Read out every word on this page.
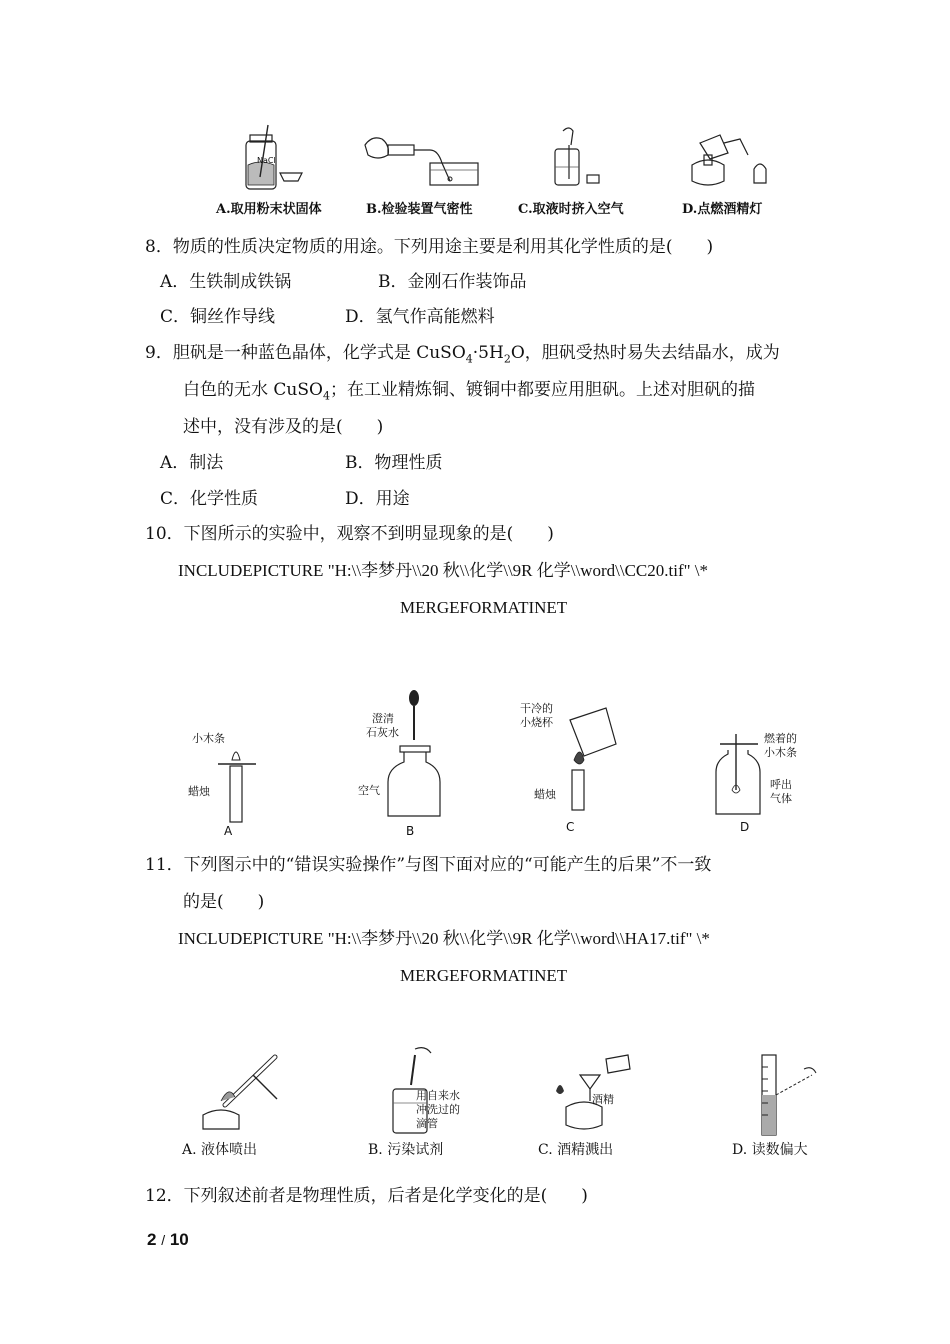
NaCl
A.取用粉末状固体	B.检验装置气密性	C.取液时挤入空气	D.点燃酒精灯
8．物质的性质决定物质的用途。下列用途主要是利用其化学性质的是(　　)
A．生铁制成铁锅	B．金刚石作装饰品
C．铜丝作导线	D．氢气作高能燃料
9．胆矾是一种蓝色晶体，化学式是 $CuSO_4\cdot 5H_2O$，胆矾受热时易失去结晶水，成为
白色的无水 CuSO$_4$；在工业精炼铜、镀铜中都要应用胆矾。上述对胆矾的描
述中，没有涉及的是(　　)
A．制法	B．物理性质
C．化学性质	D．用途
10．下图所示的实验中，观察不到明显现象的是(　　)
INCLUDEPICTURE "H:\\李梦丹\\20 秋\\化学\\9R 化学\\word\\CC20.tif" \*
MERGEFORMATINET
小木条
蜡烛
A
澄清
石灰水
空气
B
干冷的
小烧杯
蜡烛
C
燃着的
小木条
呼出
气体
D
11．下列图示中的“错误实验操作”与图下面对应的“可能产生的后果”不一致
的是(　　)
INCLUDEPICTURE "H:\\李梦丹\\20 秋\\化学\\9R 化学\\word\\HA17.tif" \*
MERGEFORMATINET
A. 液体喷出
用自来水
冲洗过的
滴管
B. 污染试剂
酒精
C. 酒精溅出	D. 读数偏大
12．下列叙述前者是物理性质，后者是化学变化的是(　　)
2 / 10
